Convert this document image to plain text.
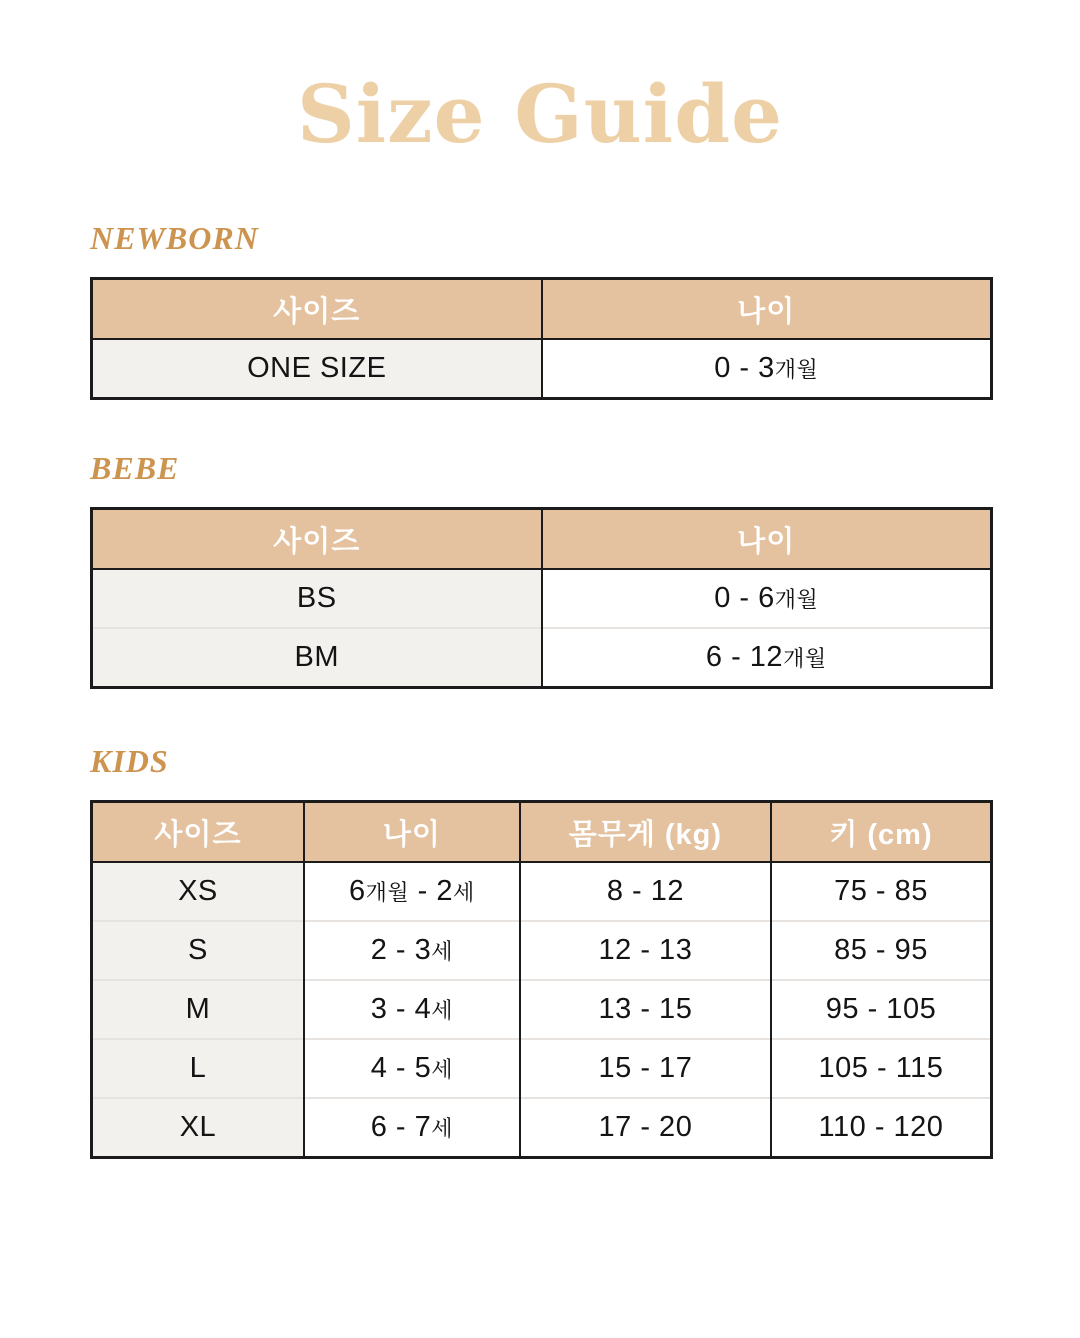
Size Guide
NEWBORN
사이즈	나이
ONE SIZE	0 - 3개월
BEBE
사이즈	나이
BS	0 - 6개월
BM	6 - 12개월
KIDS
사이즈	나이	몸무게 (kg)	키 (cm)
XS	6개월 - 2세	8 - 12	75 - 85
S	2 - 3세	12 - 13	85 - 95
M	3 - 4세	13 - 15	95 - 105
L	4 - 5세	15 - 17	105 - 115
XL	6 - 7세	17 - 20	110 - 120
